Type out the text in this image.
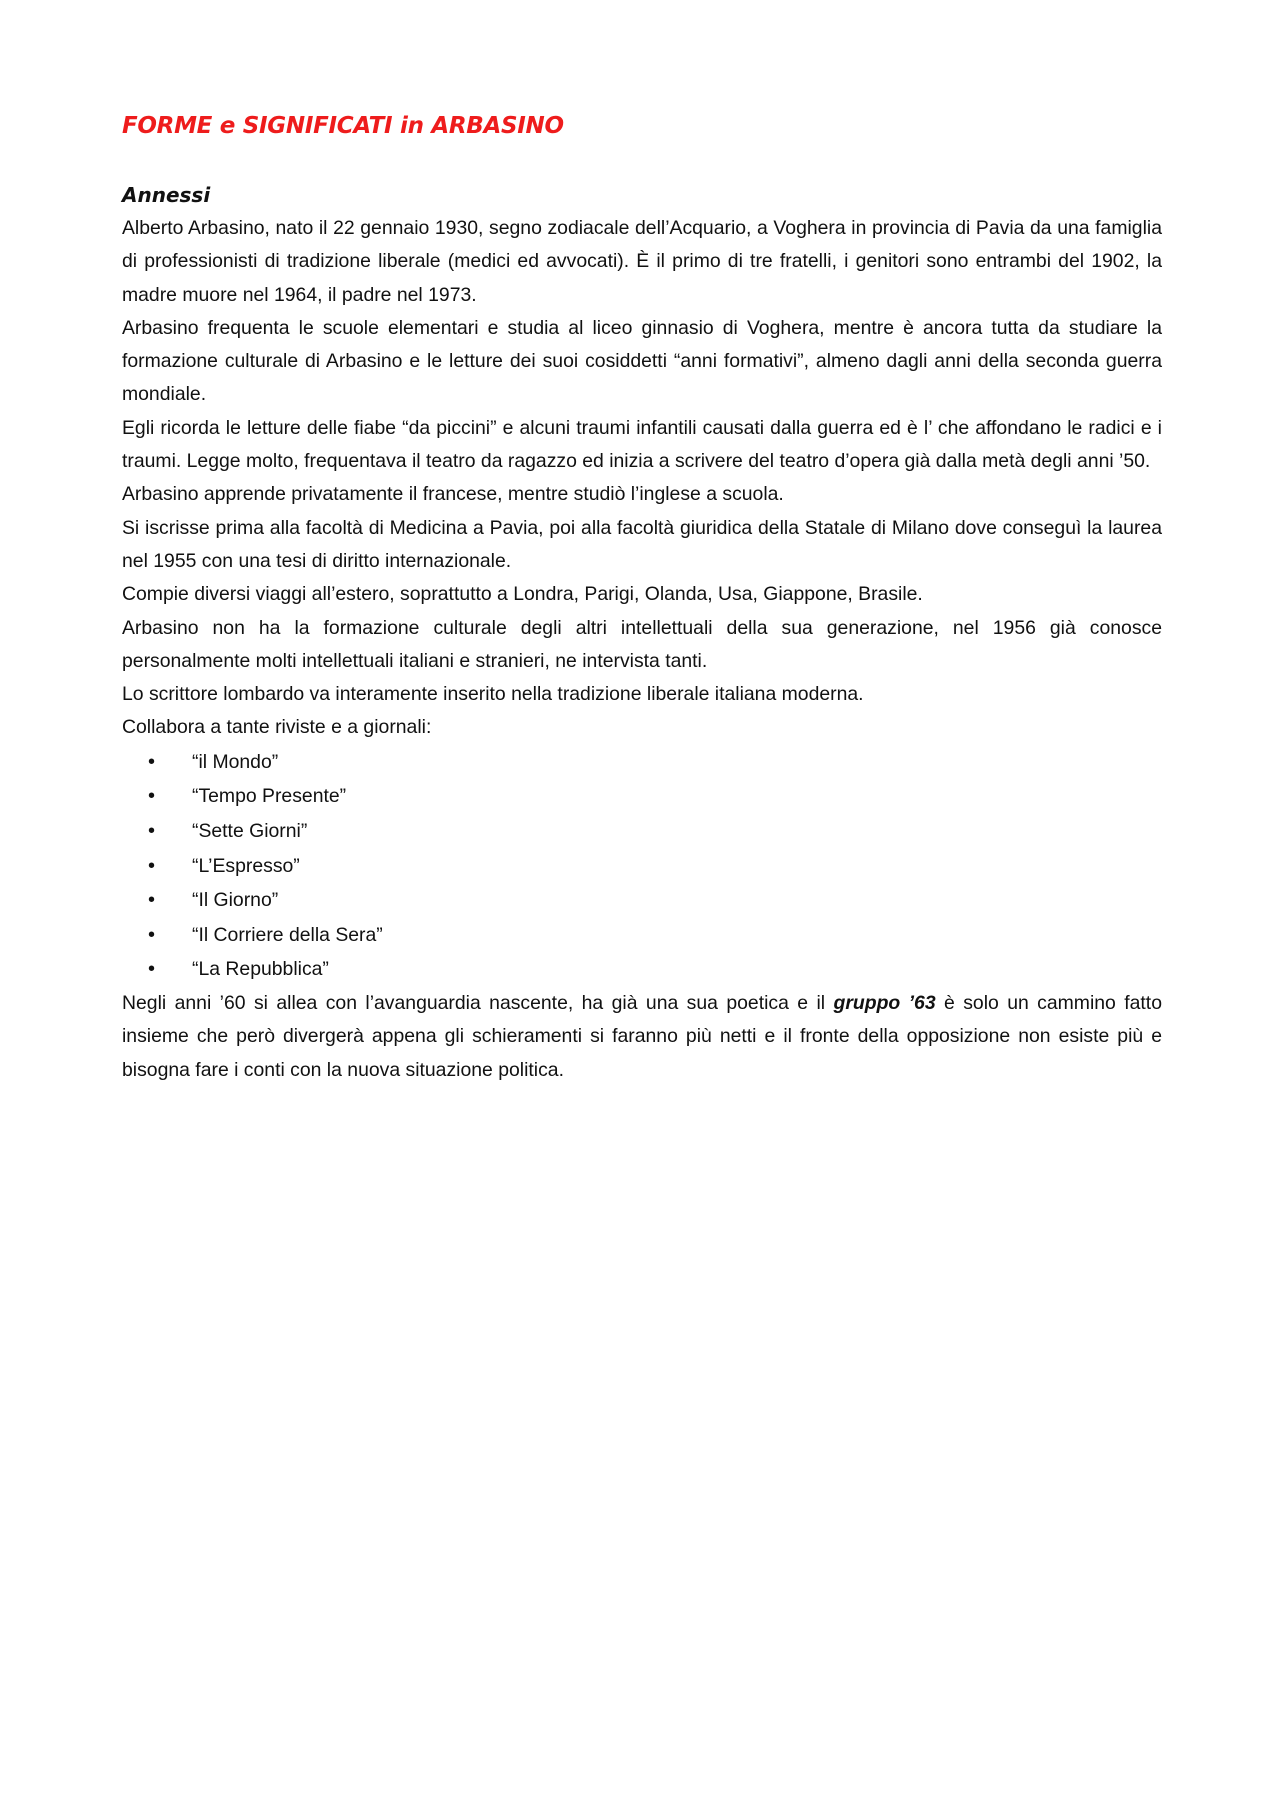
FORME e SIGNIFICATI in ARBASINO
Annessi

Alberto Arbasino, nato il 22 gennaio 1930, segno zodiacale dell’Acquario, a Voghera in provincia di Pavia da una famiglia di professionisti di tradizione liberale (medici ed avvocati). È il primo di tre fratelli, i genitori sono entrambi del 1902, la madre muore nel 1964, il padre nel 1973.

Arbasino frequenta le scuole elementari e studia al liceo ginnasio di Voghera, mentre è ancora tutta da studiare la formazione culturale di Arbasino e le letture dei suoi cosiddetti “anni formativi”, almeno dagli anni della seconda guerra mondiale.

Egli ricorda le letture delle fiabe “da piccini” e alcuni traumi infantili causati dalla guerra ed è l’ che affondano le radici e i traumi. Legge molto, frequentava il teatro da ragazzo ed inizia a scrivere del teatro d’opera già dalla metà degli anni ’50.

Arbasino apprende privatamente il francese, mentre studiò l’inglese a scuola.

Si iscrisse prima alla facoltà di Medicina a Pavia, poi alla facoltà giuridica della Statale di Milano dove conseguì la laurea nel 1955 con una tesi di diritto internazionale.

Compie diversi viaggi all’estero, soprattutto a Londra, Parigi, Olanda, Usa, Giappone, Brasile.

Arbasino non ha la formazione culturale degli altri intellettuali della sua generazione, nel 1956 già conosce personalmente molti intellettuali italiani e stranieri, ne intervista tanti.

Lo scrittore lombardo va interamente inserito nella tradizione liberale italiana moderna.

Collabora a tante riviste e a giornali:

• “il Mondo”
• “Tempo Presente”
• “Sette Giorni”
• “L’Espresso”
• “Il Giorno”
• “Il Corriere della Sera”
• “La Repubblica”

Negli anni ’60 si allea con l’avanguardia nascente, ha già una sua poetica e il gruppo ’63 è solo un cammino fatto insieme che però divergerà appena gli schieramenti si faranno più netti e il fronte della opposizione non esiste più e bisogna fare i conti con la nuova situazione politica.
